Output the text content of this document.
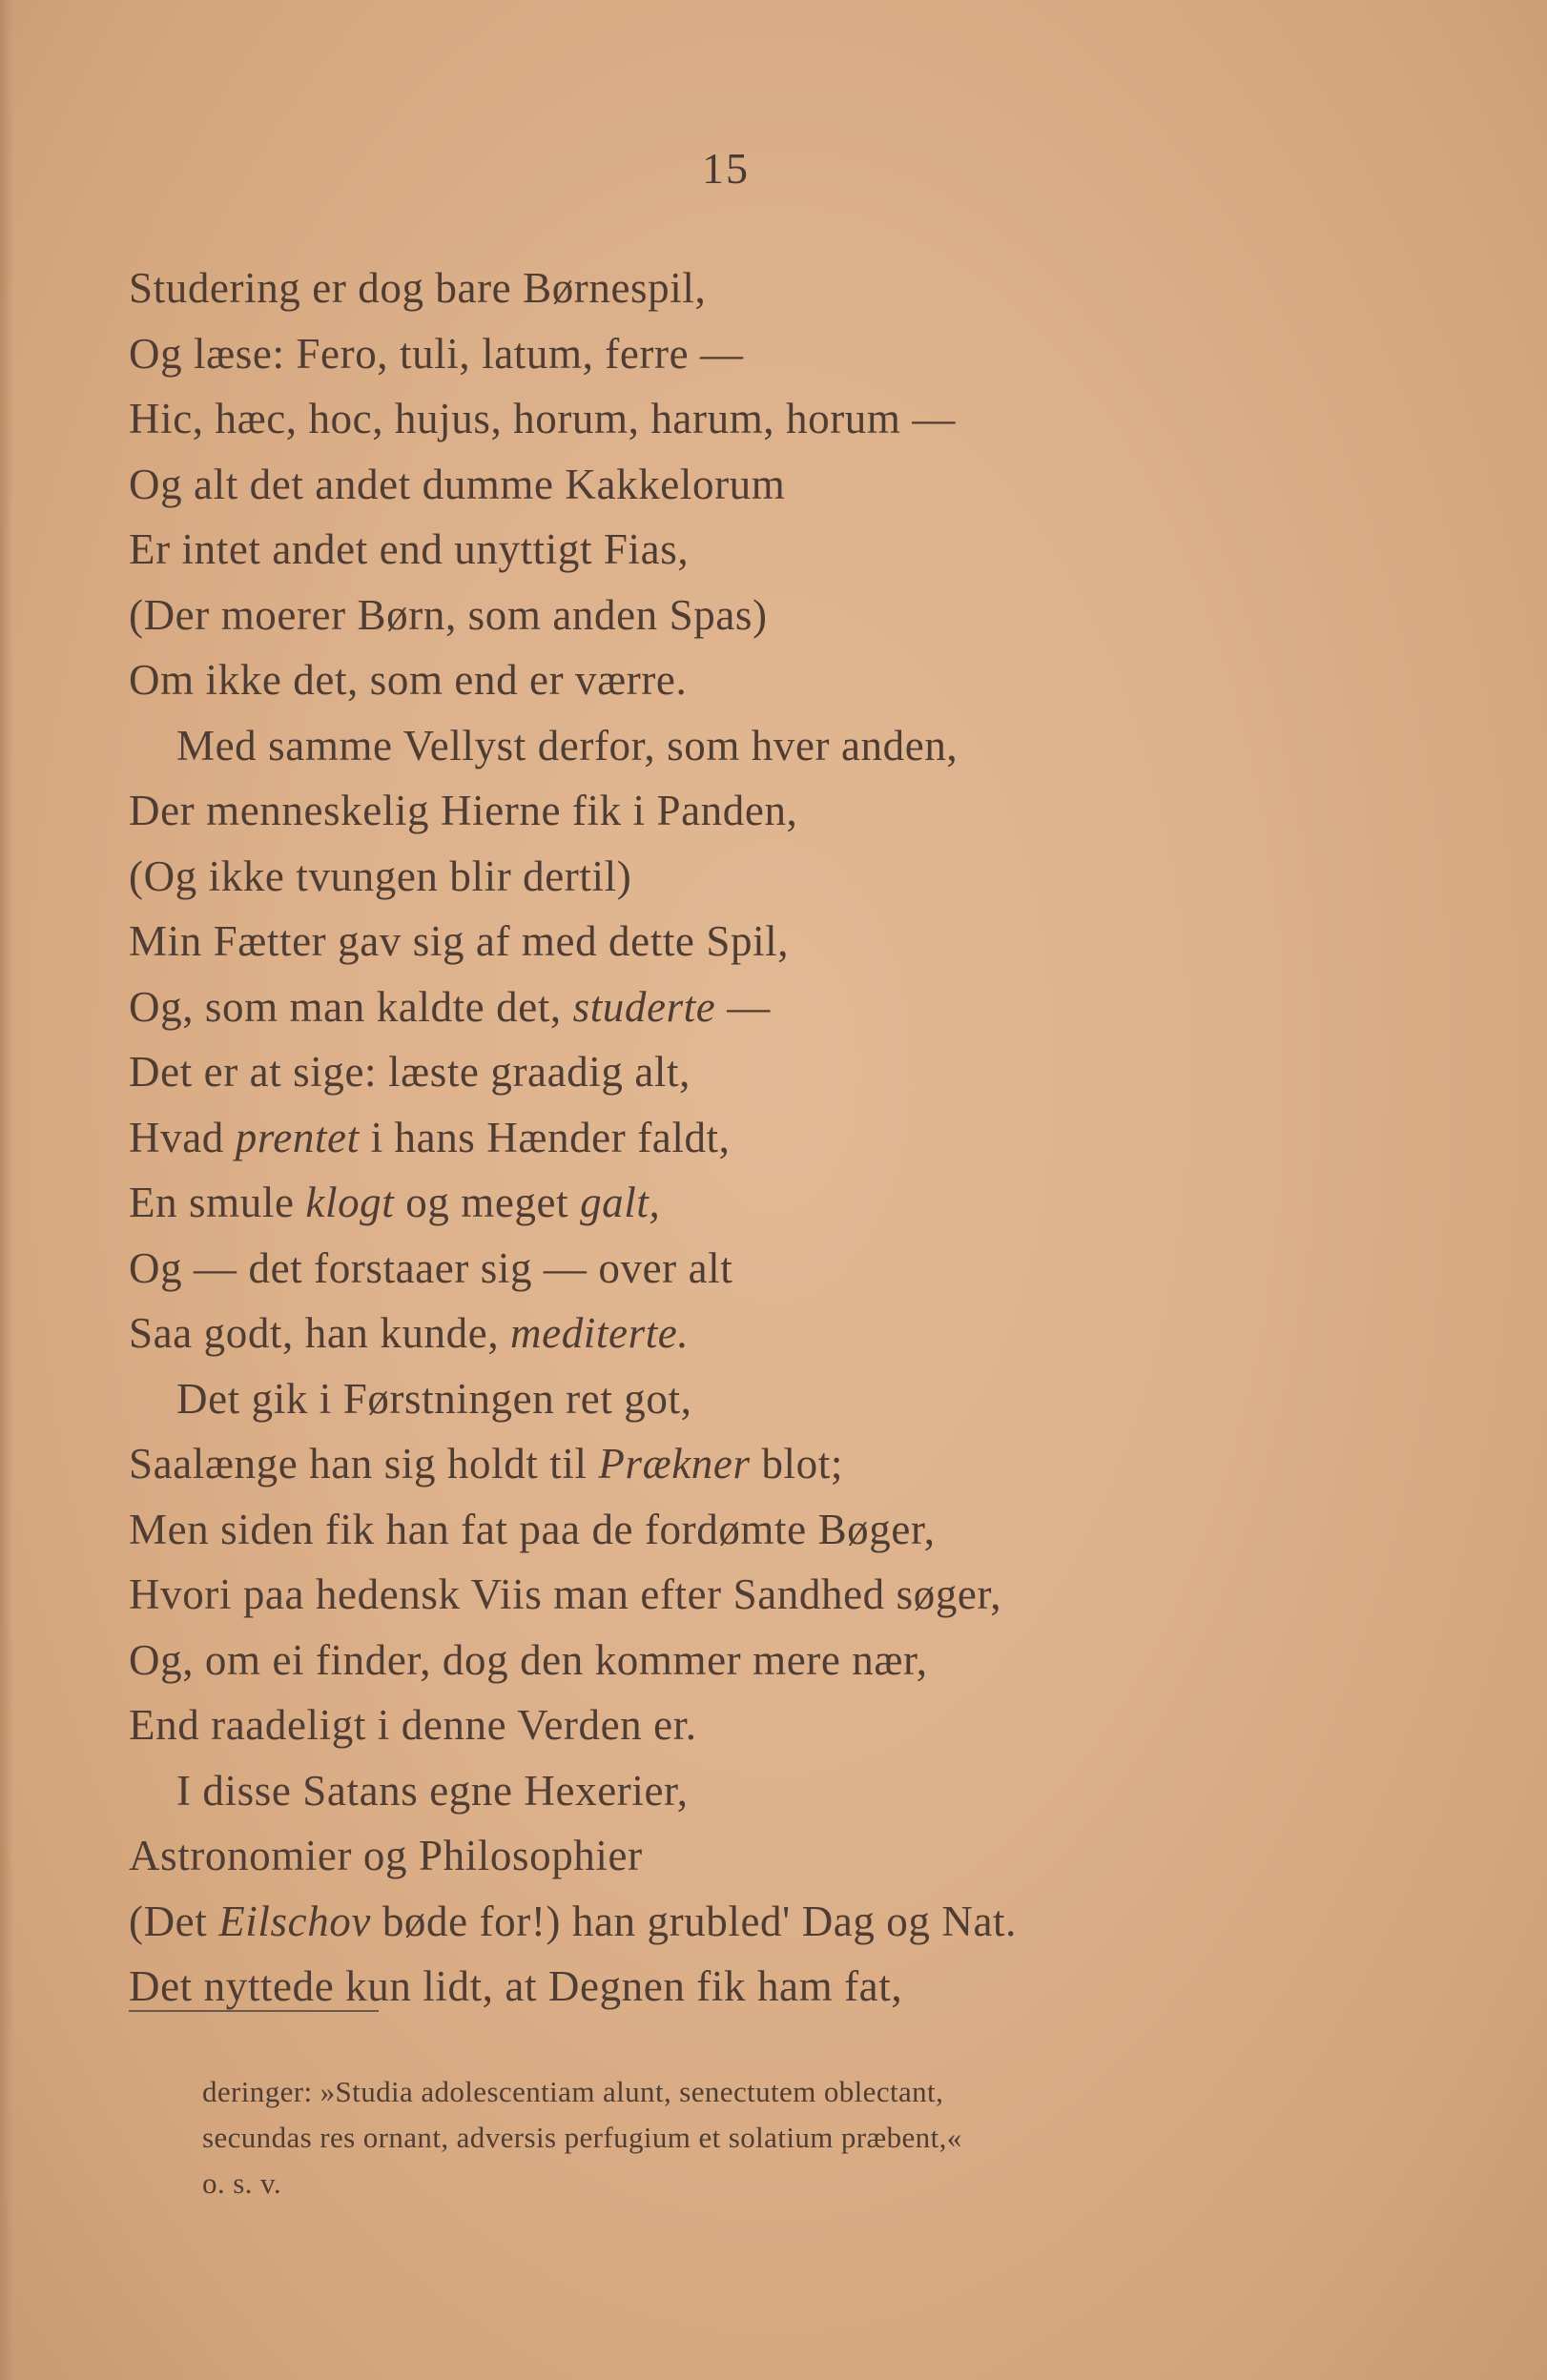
15
Studering er dog bare Børnespil,
Og læse: Fero, tuli, latum, ferre —
Hic, hæc, hoc, hujus, horum, harum, horum —
Og alt det andet dumme Kakkelorum
Er intet andet end unyttigt Fias,
(Der moerer Børn, som anden Spas)
Om ikke det, som end er værre.
Med samme Vellyst derfor, som hver anden,
Der menneskelig Hierne fik i Panden,
(Og ikke tvungen blir dertil)
Min Fætter gav sig af med dette Spil,
Og, som man kaldte det, studerte —
Det er at sige: læste graadig alt,
Hvad prentet i hans Hænder faldt,
En smule klogt og meget galt,
Og — det forstaaer sig — over alt
Saa godt, han kunde, mediterte.
Det gik i Førstningen ret got,
Saalænge han sig holdt til Prækner blot;
Men siden fik han fat paa de fordømte Bøger,
Hvori paa hedensk Viis man efter Sandhed søger,
Og, om ei finder, dog den kommer mere nær,
End raadeligt i denne Verden er.
I disse Satans egne Hexerier,
Astronomier og Philosophier
(Det Eilschov bøde for!) han grubled' Dag og Nat.
Det nyttede kun lidt, at Degnen fik ham fat,
deringer: »Studia adolescentiam alunt, senectutem oblectant,
secundas res ornant, adversis perfugium et solatium præbent,«
o. s. v.
